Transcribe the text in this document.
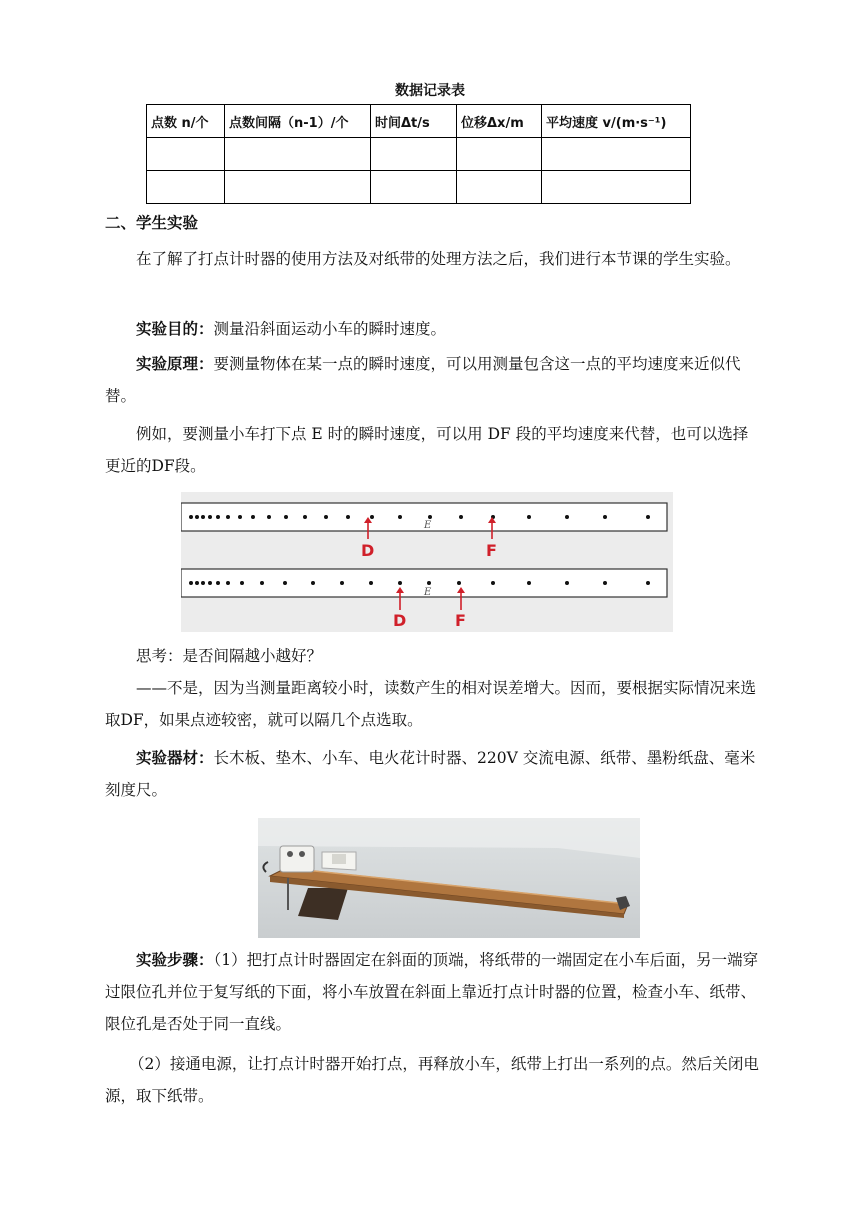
数据记录表
点数 n/个	点数间隔（n-1）/个	时间Δt/s	位移Δx/m	平均速度 v/(m·s⁻¹)

二、学生实验
在了解了打点计时器的使用方法及对纸带的处理方法之后，我们进行本节课的学生实验。
实验目的：测量沿斜面运动小车的瞬时速度。
实验原理：要测量物体在某一点的瞬时速度，可以用测量包含这一点的平均速度来近似代替。
例如，要测量小车打下点 E 时的瞬时速度，可以用 DF 段的平均速度来代替，也可以选择更近的DF段。
E
D	F
E
D	F
思考：是否间隔越小越好？
——不是，因为当测量距离较小时，读数产生的相对误差增大。因而，要根据实际情况来选取DF，如果点迹较密，就可以隔几个点选取。
实验器材：长木板、垫木、小车、电火花计时器、220V 交流电源、纸带、墨粉纸盘、毫米刻度尺。
实验步骤：（1）把打点计时器固定在斜面的顶端，将纸带的一端固定在小车后面，另一端穿过限位孔并位于复写纸的下面，将小车放置在斜面上靠近打点计时器的位置，检查小车、纸带、限位孔是否处于同一直线。
（2）接通电源，让打点计时器开始打点，再释放小车，纸带上打出一系列的点。然后关闭电源，取下纸带。
